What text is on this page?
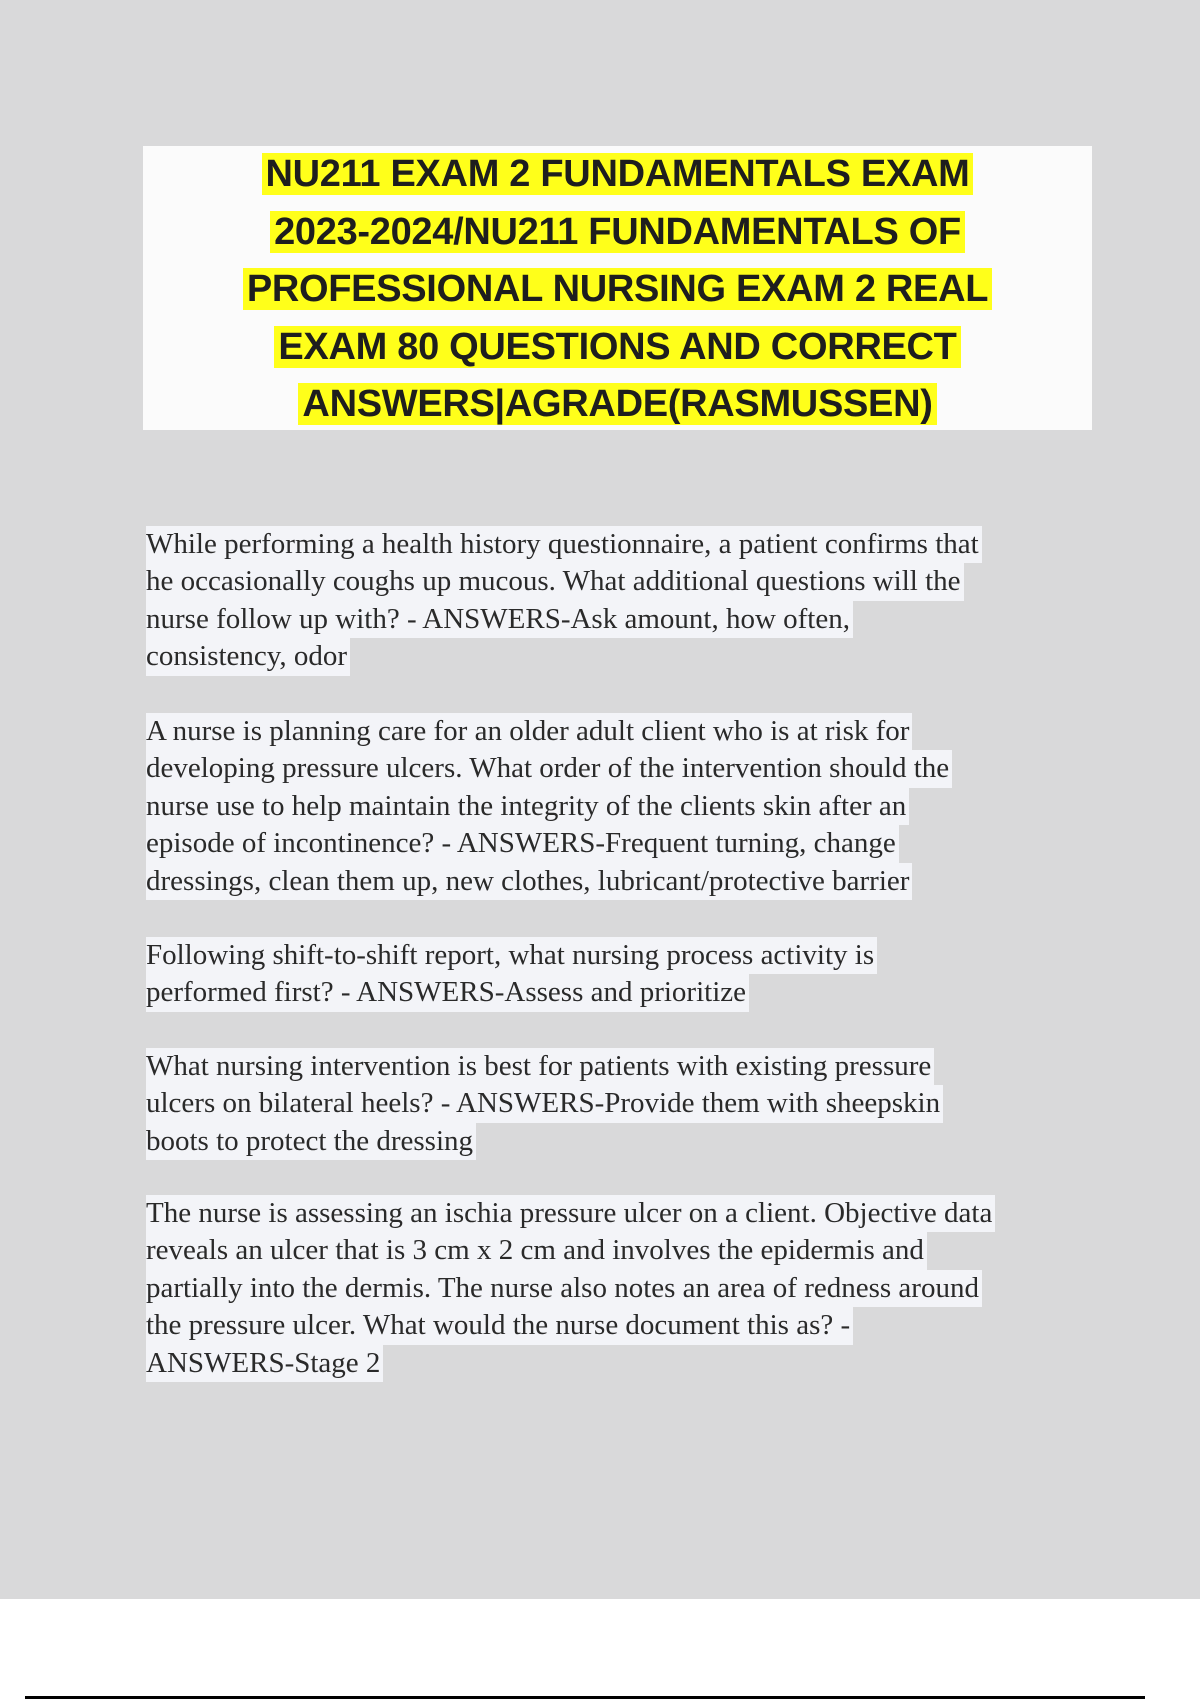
NU211 EXAM 2 FUNDAMENTALS EXAM
2023-2024/NU211 FUNDAMENTALS OF
PROFESSIONAL NURSING EXAM 2 REAL
EXAM 80 QUESTIONS AND CORRECT
ANSWERS|AGRADE(RASMUSSEN)
While performing a health history questionnaire, a patient confirms that
he occasionally coughs up mucous. What additional questions will the
nurse follow up with? - ANSWERS-Ask amount, how often,
consistency, odor
A nurse is planning care for an older adult client who is at risk for
developing pressure ulcers. What order of the intervention should the
nurse use to help maintain the integrity of the clients skin after an
episode of incontinence? - ANSWERS-Frequent turning, change
dressings, clean them up, new clothes, lubricant/protective barrier
Following shift-to-shift report, what nursing process activity is
performed first? - ANSWERS-Assess and prioritize
What nursing intervention is best for patients with existing pressure
ulcers on bilateral heels? - ANSWERS-Provide them with sheepskin
boots to protect the dressing
The nurse is assessing an ischia pressure ulcer on a client. Objective data
reveals an ulcer that is 3 cm x 2 cm and involves the epidermis and
partially into the dermis. The nurse also notes an area of redness around
the pressure ulcer. What would the nurse document this as? -
ANSWERS-Stage 2
